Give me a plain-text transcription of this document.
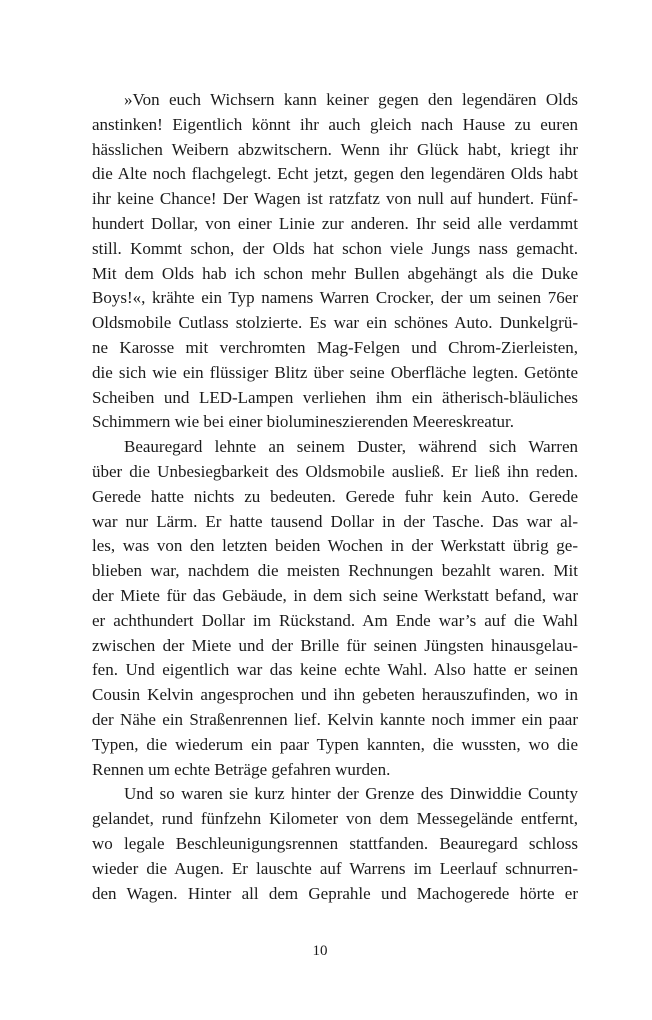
»Von euch Wichsern kann keiner gegen den legendären Olds
anstinken! Eigentlich könnt ihr auch gleich nach Hause zu euren
hässlichen Weibern abzwitschern. Wenn ihr Glück habt, kriegt ihr
die Alte noch flachgelegt. Echt jetzt, gegen den legendären Olds habt
ihr keine Chance! Der Wagen ist ratzfatz von null auf hundert. Fünf-
hundert Dollar, von einer Linie zur anderen. Ihr seid alle verdammt
still. Kommt schon, der Olds hat schon viele Jungs nass gemacht.
Mit dem Olds hab ich schon mehr Bullen abgehängt als die Duke
Boys!«, krähte ein Typ namens Warren Crocker, der um seinen 76er
Oldsmobile Cutlass stolzierte. Es war ein schönes Auto. Dunkelgrü-
ne Karosse mit verchromten Mag-Felgen und Chrom-Zierleisten,
die sich wie ein flüssiger Blitz über seine Oberfläche legten. Getönte
Scheiben und LED-Lampen verliehen ihm ein ätherisch-bläuliches
Schimmern wie bei einer biolumineszierenden Meereskreatur.
Beauregard lehnte an seinem Duster, während sich Warren
über die Unbesiegbarkeit des Oldsmobile ausließ. Er ließ ihn reden.
Gerede hatte nichts zu bedeuten. Gerede fuhr kein Auto. Gerede
war nur Lärm. Er hatte tausend Dollar in der Tasche. Das war al-
les, was von den letzten beiden Wochen in der Werkstatt übrig ge-
blieben war, nachdem die meisten Rechnungen bezahlt waren. Mit
der Miete für das Gebäude, in dem sich seine Werkstatt befand, war
er achthundert Dollar im Rückstand. Am Ende war’s auf die Wahl
zwischen der Miete und der Brille für seinen Jüngsten hinausgelau-
fen. Und eigentlich war das keine echte Wahl. Also hatte er seinen
Cousin Kelvin angesprochen und ihn gebeten herauszufinden, wo in
der Nähe ein Straßenrennen lief. Kelvin kannte noch immer ein paar
Typen, die wiederum ein paar Typen kannten, die wussten, wo die
Rennen um echte Beträge gefahren wurden.
Und so waren sie kurz hinter der Grenze des Dinwiddie County
gelandet, rund fünfzehn Kilometer von dem Messegelände entfernt,
wo legale Beschleunigungsrennen stattfanden. Beauregard schloss
wieder die Augen. Er lauschte auf Warrens im Leerlauf schnurren-
den Wagen. Hinter all dem Geprahle und Machogerede hörte er
10
